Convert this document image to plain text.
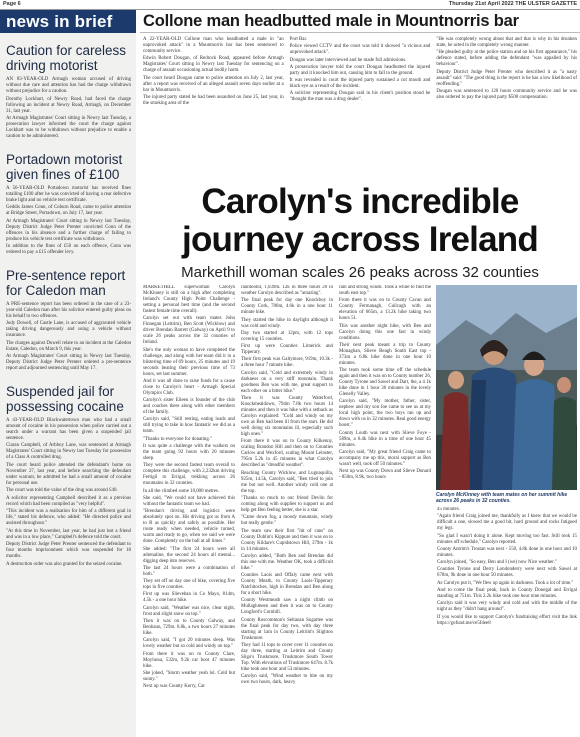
Page 6	Thursday 21st April 2022 THE ULSTER GAZETTE
news in brief
Caution for careless driving motorist

AN 83-YEAR-OLD Armagh woman accused of driving without due care and attention has had the charge withdrawn without prejudice for a caution.

Dorothy Lockhart, of Newry Road, had faced the charge following an incident at Newry Road, Armagh, on December 31, last year.

At Armagh Magistrates' Court sitting in Newry last Tuesday, a prosecution lawyer informed the court the charge against Lockhart was to be withdrawn without prejudice to enable a caution to be administered.

Portadown motorist given fines of £100

A 56-YEAR-OLD Portadown motorist has received fines totalling £100 after he was convicted of having a rear defective brake light and no vehicle test certificate.

Geddis James Conn, of Coburn Road, came to police attention at Bridge Street, Portadown, on July 17, last year.

At Armagh Magistrates' Court sitting in Newry last Tuesday, Deputy District Judge Peter Prenter convicted Conn of the offences in his absence and a further charge of failing to produce his vehicle test certificate was withdrawn.

In addition to the fines of £50 on each offence, Conn was ordered to pay a £15 offender levy.

Pre-sentence report for Caledon man

A PRE-sentence report has been ordered in the case of a 23-year-old Caledon man after his solicitor entered guilty pleas on his behalf to two offences.

Jody Dowell, of Castle Lane, is accused of aggravated vehicle taking driving dangerously and using a vehicle without insurance.

The charges against Dowell relate to an incident at the Caledon Estate, Caledon, on March 9, this year.

At Armagh Magistrates' Court sitting in Newry last Tuesday, Deputy District Judge Peter Prenter ordered a pre-sentence report and adjourned sentencing until May 17.

Suspended jail for possessing cocaine

A 43-YEAR-OLD Blackwatertown man who had a small amount of cocaine in his possession when police carried out a search under a warrant has been given a suspended jail sentence.

Ciaran Campbell, of Arbboy Lane, was sentenced at Armagh Magistrates' Court sitting in Newry last Tuesday for possession of a Class A controlled drug.

The court heard police attended the defendant's home on November 27, last year, and before searching the defendant under warrant, he admitted he had a small amount of cocaine for personal use.

The court was told the value of the drug was around £40.

A solicitor representing Campbell described it as a previous record which had been compiled as "very helpful".

"This incident was a realisation for him of a different goal in life," stated his defence, who added: "He directed police and assisted throughout."

"At this time in November, last year, he had just lost a friend and was in a low place," Campbell's defence told the court.

Deputy District Judge Peter Prenter sentenced the defendant to four months imprisonment which was suspended for 18 months.

A destruction order was also granted for the seized cocaine.

Collone man headbutted male in Mountnorris bar

A 22-YEAR-OLD Collone man who headbutted a male in "an unprovoked attack" in a Mountnorris bar has been sentenced to community service.

Edwin Robert Dougan, of Redrock Road, appeared before Armagh Magistrates' Court sitting in Newry last Tuesday for sentencing on a charge of assault occasioning actual bodily harm.

The court heard Dougan came to police attention on July 2, last year, after a report was received of an alleged assault seven days earlier at a bar in Mountnorris.

The injured party stated he had been assaulted on June 25, last year, in the smoking area of the

Port Bar.

Police viewed CCTV and the court was told it showed "a vicious and unprovoked attack".

Dougan was later interviewed and he made full admissions.

A prosecution lawyer told the court Dougan headbutted the injured party and it knocked him out, causing him to fall to the ground.

It was revealed in court the injured party sustained a cut mouth and black eye as a result of the incident.

A solicitor representing Dougan said in his client's position stood he "thought the man was a drug dealer".

"He was completely wrong about that and that is why in his drunken state, he acted in the completely wrong manner.

"He pleaded guilty at the police station and on his first appearance," his defence stated, before adding the defendant "was appalled by his behaviour".

Deputy District Judge Peter Prenter who described it as "a nasty assault" said: "The good thing is the report is he has a low likelihood of reoffending."

Dougan was sentenced to 120 hours community service and he was also ordered to pay the injured party $500 compensation.

Carolyn's incredible
journey across Ireland
Markethill woman scales 26 peaks across 32 counties

MARKETHILL superwoman Carolyn McKinney is still on a high after completing Ireland's County High Point Challenge - setting a personal best time (and the second fastest female time overall).

Carolyn set out with team mates John Finnegan (Leitrim), Ben Scott (Wicklow) and driver Brendan Barrett (Galway) on April 9 to scale 26 peaks across the 32 counties of Ireland.

She's the only woman to have completed the challenge, and along with her team did it in a blistering time of 69 hours, 25 minutes and 19 seconds beating their previous time of 73 hours, set last summer.

And it was all done to raise funds for a cause close to Carolyn's heart - Armagh Special Olympics Club.

Carolyn's sister Eileen is founder of the club and coaches there along with other members of the family.

Carolyn said, "Still resting, eating loads and still trying to take in how fantastic we did as a team.

"Thanks to everyone for donating."

It was quite a challenge with the walkers on the team going 92 hours with 20 minutes sleep.

They were the second fastest team overall to complete this challenge, with 2,232km driving Fertigil to Errigal, trekking across 26 mountains in 32 counties.

In all the climbed some 10,000 metres.

She said, "We could not have achieved this without the fantastic team we had.

"Brendan's driving and logistics were absolutely spot on. His driving got us from A to B as quickly and safely as possible. Her route ready when needed, vehicle turned, warm and ready to go, when we said we were done. Completely on the ball at all times."

She added: "The first 24 hours were all adrenaline, the second 24 hours all mental... digging deep into reserves.

The last 24 hours were a combination of both."

They set off on day one of hike, covering five tops in five counties.

First up was Slieveban in Co Mayo, 814m, 4.5k - a one hour hike.

Carolyn said, "Weather was nice, clear night, frost and slight snow on top."

Then it was on to County Galway, and Benbaun, 729m. 8.8k, a two hours 27 minutes hike.

Carolyn said, "I got 20 minutes sleep. Was lovely weather but so cold and windy on top."

From there it was on to County Clare, Moylussa, 532m, 9.2k car boot 47 minutes hike.

She joked, "Storm weather yeah lol. Cold but sunny."

Next up was County Kerry, Car

rauntoohil, 1,039m. 12k in three hours 20 in weather Carolyn described as "amazing".

The final peak for day one Knockboy in County Cork, 706m, 4.6k in a one hour 11 minute hike.

They started the hike in daylight although it was cold and windy.

Day two started at 12pm, with 12 tops covering 15 counties.

First up were Counties Limerick and Tipperary.

Their first peak was Galtymore, 919m, 10.3k - a three hour 7 minute hike.

Carolyn said, "Cold and extremely windy in darkness on a very stiff mountain. Thank goodness Ben was with me, great support to each other on a bitter hike."

Then it was County Waterford, Knockmealdown, 794m 7.8k two hours 14 minutes and then it was hike with a setback as Carolyn explained: "Cold and windy on my own as Ben had been ill from the start. He did well doing six mountains ill, especially such high ones."

From there it was on to County Kilkenny, scaling Brandon Hill and then on to Counties Carlow and Wexford, scaling Mount Leinster, 795m 5.2k in 45 minutes in what Carolyn described as "dreadful weather".

Reaching County Wicklow, and Lugnaquilla, 925m, 14.5k, Carolyn said, "Ben tried to join me but not well. Another windy cold one at the top.

"Thanks so much to our friend Devlin for coming along with supplies to support us and help get Ben feeling better, she is a star.

"Came down fog, a moody mountain, windy but really gentle."

The team saw their first "hit of cans" on County Dublin's Kippure and then it was on to County Kildare's Cupidstown Hill, 379m - 1k in 14 minutes.

Carolyn added, "Both Ben and Brendan did this one with me. Weather OK, took a difficult hike."

Counties Laois and Offaly came next with County Meath, to County Laois-Tipperary Natchitoches, high in Brendan and Ben along for a short hike.

County Westmeath saw a night climb on Mullaghmeen and then it was on to County Longford's Cornhill.

County Roscommon's Seltanan Sugartee was the final peak for day two, with day three starting at 1am in County Leitrim's Slightoo Truskmore.

They had 11 tops to cover over 11 counties on day three, starting at Leitrim and County Sligo's Truskmore, Truskmore South Tower Top. With elevations of Truskmore 647m. 8.7k hike took one hour and 53 minutes.

Carolyn said, "Wind weather to bite on my own two hours, dark, heavy

rain and strong winds. Took a while to find the south east top."

From there it was on to County Cavan and County Fermanagh, Cuilcagh with an elevation of 665m, a 13.2k hike taking two hours 51.

This was another night hike, with Ben and Carolyn doing this one fast in windy conditions.

Their next peak meant a trip to County Monaghan, Slieve Beagh South East top - 373m a 6.8k hike done in one hour 10 minutes.

The team took some time off the schedule again and then it was on to County number 26, County Tyrone and Sawel and Dart, the, a 4.1k hike done in 1 hour 36 minutes in the lovely Glenelly Valley.

Carolyn said, "My mother, father, sister, nephew and my son Joe came to see us at my local high point, the two boys ran up and down with us in 32 minutes. Real good energy boost."

County Louth was next with Slieve Foye - 589m, a 6.4k hike in a time of one hour 45 minutes.

Carolyn said, "My great friend Craig came to accompany me up this, moral support as Ben wasn't well, took off 50 minutes."

Next up was County Down and Slieve Donard - 850m, 8.9k, two hours

Carolyn McKinney with team mates on her summit hike across 26 peaks in 32 counties.

45 minutes.

"Again friend Craig joined me, thankfully as I knew that we would be difficult a one, slowed me a good bit, hard ground and rocks fatigued my legs.

"So glad I wasn't doing it alone. Kept moving too fast. Still took 15 minutes off schedule," Carolyn reported.

County Antrim's Trostan was next - 550, 4.8k done in one hour and 10 minutes.

Carolyn joined, "So easy, Ben and I (we) now Nice weather."

Counties Tyrone and Derry Londonderry were next with Sawel at 678m, 9k done in one hour 50 minutes.

As Carolyn put it, "We flew up again in darkness. Took a lot of time."

And to come the final peak, back in County Donegal and Errigal standing at 751m. This 2.2k hike took one hour nine minutes.

Carolyn said it was very windy and cold and with the middle of the night as they "didn't hang around".

If you would like to support Carolyn's fundraising effort visit the link https://gofund.me/ce5f4ee8
